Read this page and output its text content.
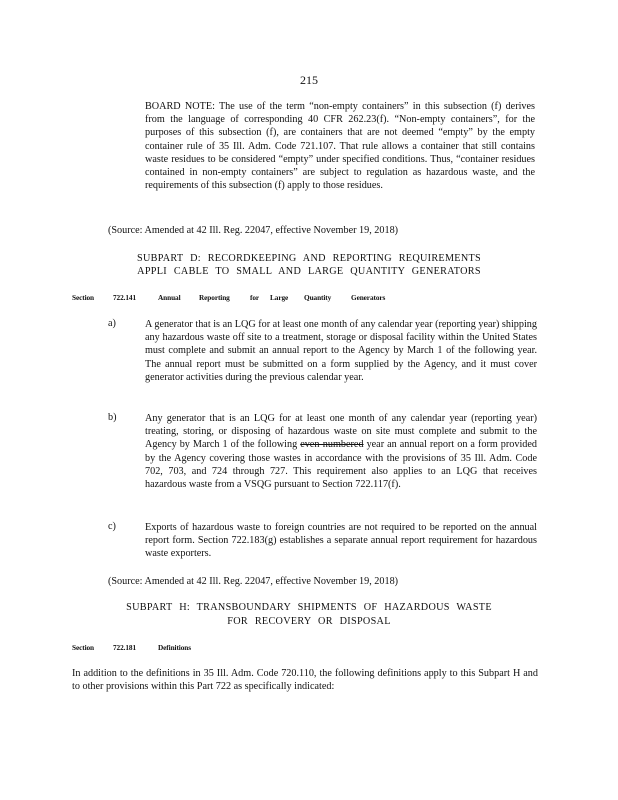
215
BOARD NOTE: The use of the term “non-empty containers” in this subsection (f) derives from the language of corresponding 40 CFR 262.23(f). “Non-empty containers”, for the purposes of this subsection (f), are containers that are not deemed “empty” by the empty container rule of 35 Ill. Adm. Code 721.107. That rule allows a container that still contains waste residues to be considered “empty” under specified conditions. Thus, “container residues contained in non-empty containers” are subject to regulation as hazardous waste, and the requirements of this subsection (f) apply to those residues.
(Source: Amended at 42 Ill. Reg. 22047, effective November 19, 2018)
SUBPART D: RECORDKEEPING AND REPORTING REQUIREMENTS
APPLI CABLE TO SMALL AND LARGE QUANTITY GENERATORS
Section	722.141	Annual	Reporting	for Large Quantity	Generators
a)	A generator that is an LQG for at least one month of any calendar year (reporting year) shipping any hazardous waste off site to a treatment, storage or disposal facility within the United States must complete and submit an annual report to the Agency by March 1 of the following year. The annual report must be submitted on a form supplied by the Agency, and it must cover generator activities during the previous calendar year.
b)	Any generator that is an LQG for at least one month of any calendar year (reporting year) treating, storing, or disposing of hazardous waste on site must complete and submit to the Agency by March 1 of the following even-numbered year an annual report on a form provided by the Agency covering those wastes in accordance with the provisions of 35 Ill. Adm. Code 702, 703, and 724 through 727. This requirement also applies to an LQG that receives hazardous waste from a VSQG pursuant to Section 722.117(f).
c)	Exports of hazardous waste to foreign countries are not required to be reported on the annual report form. Section 722.183(g) establishes a separate annual report requirement for hazardous waste exporters.
(Source: Amended at 42 Ill. Reg. 22047, effective November 19, 2018)
SUBPART H: TRANSBOUNDARY SHIPMENTS OF HAZARDOUS WASTE
FOR RECOVERY OR DISPOSAL
Section	722.181	Definitions
In addition to the definitions in 35 Ill. Adm. Code 720.110, the following definitions apply to this Subpart H and to other provisions within this Part 722 as specifically indicated:
